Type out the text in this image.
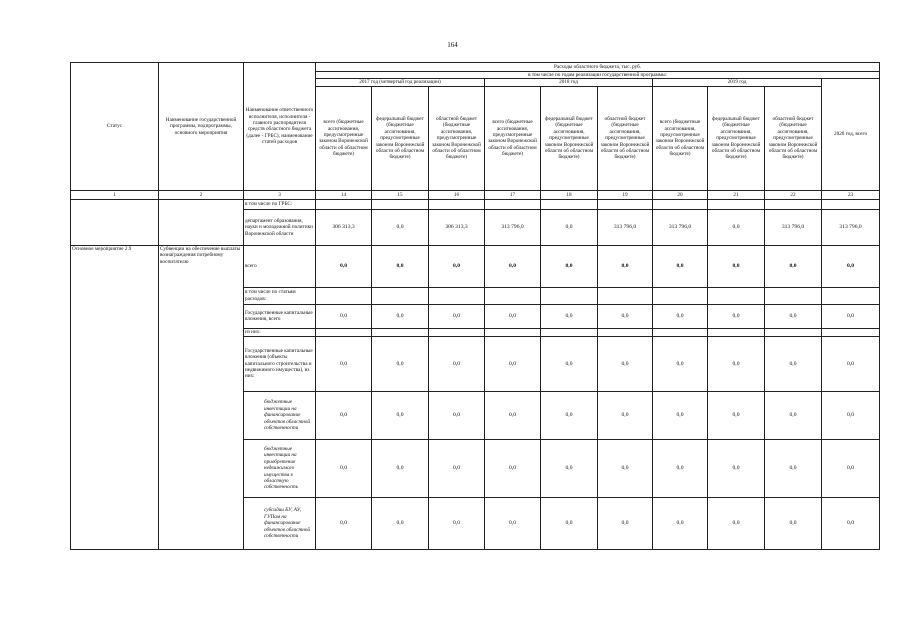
164
Статус	Наименование государственной программы, подпрограммы, основного мероприятия	Наименование ответственного исполнителя, исполнителя - главного распорядителя средств областного бюджета (далее - ГРБС), наименование статей расходов	Расходы областного бюджета, тыс. руб.									
			в том числе по годам реализации государственной программы:									
			2017 год (четвертый год реализации)			2018 год			2019 год			2020 год, всего
			всего (бюджетные ассигнования, предусмотренные законом Воронежской области об областном бюджете)	федеральный бюджет (бюджетные ассигнования, предусмотренные законом Воронежской области об областном бюджете)	областной бюджет (бюджетные ассигнования, предусмотренные законом Воронежской области об областном бюджете)	всего (бюджетные ассигнования, предусмотренные законом Воронежской области об областном бюджете)	федеральный бюджет (бюджетные ассигнования, предусмотренные законом Воронежской области об областном бюджете)	областной бюджет (бюджетные ассигнования, предусмотренные законом Воронежской области об областном бюджете)	всего (бюджетные ассигнования, предусмотренные законом Воронежской области об областном бюджете)	федеральный бюджет (бюджетные ассигнования, предусмотренные законом Воронежской области об областном бюджете)	областной бюджет (бюджетные ассигнования, предусмотренные законом Воронежской области об областном бюджете)	
1	2	3	14	15	16	17	18	19	20	21	22	23
		в том числе по ГРБС:										
		департамент образования, науки и молодежной политики Воронежской области	306 313,3	0,0	306 313,3	313 796,0	0,0	313 796,0	313 796,0	0,0	313 796,0	313 796,0
Основное мероприятие 2.9	Субвенции на обеспечение выплаты вознаграждения потребному воспитателю	всего	0,0	0,0	0,0	0,0	0,0	0,0	0,0	0,0	0,0	0,0
		в том числе по статьям расходов:										
		Государственные капитальные вложения, всего	0,0	0,0	0,0	0,0	0,0	0,0	0,0	0,0	0,0	0,0
		из них:										
		Государственные капитальные вложения (объекты капитального строительства и недвижимого имущества), из них:	0,0	0,0	0,0	0,0	0,0	0,0	0,0	0,0	0,0	0,0
		бюджетные инвестиции на финансирование объектов областной собственности	0,0	0,0	0,0	0,0	0,0	0,0	0,0	0,0	0,0	0,0
		бюджетные инвестиции на приобретение недвижимого имущества в областную собственность	0,0	0,0	0,0	0,0	0,0	0,0	0,0	0,0	0,0	0,0
		субсидии БУ, АУ, ГУПам на финансирование объектов областной собственности	0,0	0,0	0,0	0,0	0,0	0,0	0,0	0,0	0,0	0,0
